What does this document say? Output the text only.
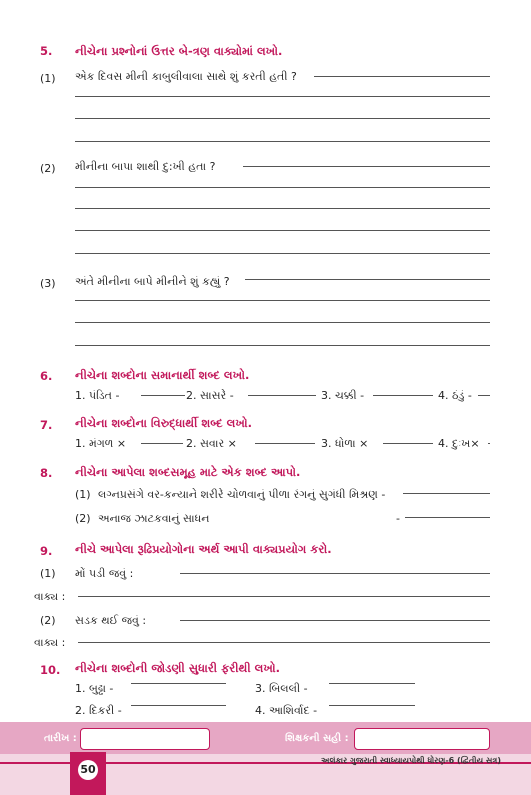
5. નીચેના પ્રશ્નોનાં ઉત્તર બે-ત્રણ વાક્યોમાં લખો.
(1) એક દિવસ મીની કાબુલીવાલા સાથે શું કરતી હતી ?
(2) મીનીના બાપા શાથી દુ:ખી હતા ?
(3) અંતે મીનીના બાપે મીનીને શું કહ્યું ?
6. નીચેના શબ્દોના સમાનાર્થી શબ્દ લખો.
1. પંડિત -	2. સાસરે -	3. ચક્કી -	4. ઠંડું -
7. નીચેના શબ્દોના વિરુદ્ધાર્થી શબ્દ લખો.
1. મંગળ ×	2. સવાર ×	3. ધોળા ×	4. દુઃખ×
8. નીચેના આપેલા શબ્દસમૂહ માટે એક શબ્દ આપો.
(1) લગ્નપ્રસંગે વર-કન્યાને શરીરે ચોળવાનું પીળા રંગનું સુગંધી મિશ્રણ -
(2) અનાજ ઝાટકવાનું સાધન	-
9. નીચે આપેલા રૂઢિપ્રયોગોના અર્થ આપી વાક્યપ્રયોગ કરો.
(1) મોં પડી જવું :
વાક્ય :
(2) સડક થઈ જવું :
વાક્ય :
10. નીચેના શબ્દોની જોડણી સુધારી ફરીથી લખો.
1. બુઢ્ઢા -	3. બિલલી -
2. દિકરી -	4. આશિર્વાદ -
તારીખ :	શિક્ષકની સહી :
50
અલંકાર ગુજરાતી સ્વાધ્યાયપોથી ધોરણ-6 (દ્વિતીય સત્ર)
